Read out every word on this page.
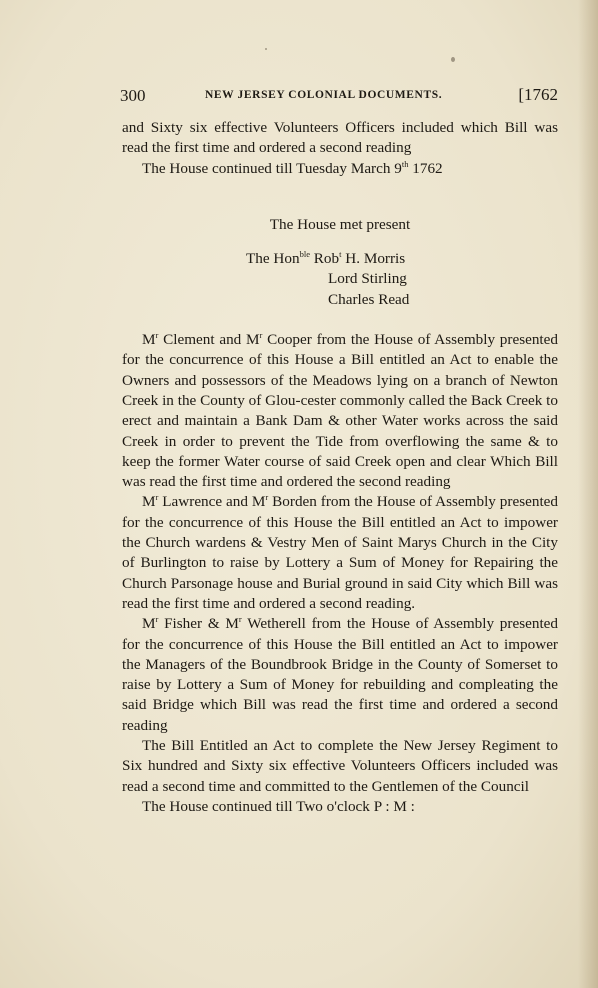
300	NEW JERSEY COLONIAL DOCUMENTS.	[1762

and Sixty six effective Volunteers Officers included which Bill was read the first time and ordered a second reading

The House continued till Tuesday March 9th 1762

The House met present

The Hon$^{ble}$ Rob$^t$ H. Morris

Lord Stirling

Charles Read

$M^r$ Clement and $M^r$ Cooper from the House of Assembly presented for the concurrence of this House a Bill entitled an Act to enable the Owners and possessors of the Meadows lying on a branch of Newton Creek in the County of Glou-cester commonly called the Back Creek to erect and maintain a Bank Dam & other Water works across the said Creek in order to prevent the Tide from overflowing the same & to keep the former Water course of said Creek open and clear Which Bill was read the first time and ordered the second reading

$M^r$ Lawrence and $M^r$ Borden from the House of Assembly presented for the concurrence of this House the Bill entitled an Act to impower the Church wardens & Vestry Men of Saint Marys Church in the City of Burlington to raise by Lottery a Sum of Money for Repairing the Church Parsonage house and Burial ground in said City which Bill was read the first time and ordered a second reading.

$M^r$ Fisher & $M^r$ Wetherell from the House of Assembly presented for the concurrence of this House the Bill entitled an Act to impower the Managers of the Boundbrook Bridge in the County of Somerset to raise by Lottery a Sum of Money for rebuilding and compleating the said Bridge which Bill was read the first time and ordered a second reading

The Bill Entitled an Act to complete the New Jersey Regiment to Six hundred and Sixty six effective Volunteers Officers included was read a second time and committed to the Gentlemen of the Council

The House continued till Two o'clock P : M :
